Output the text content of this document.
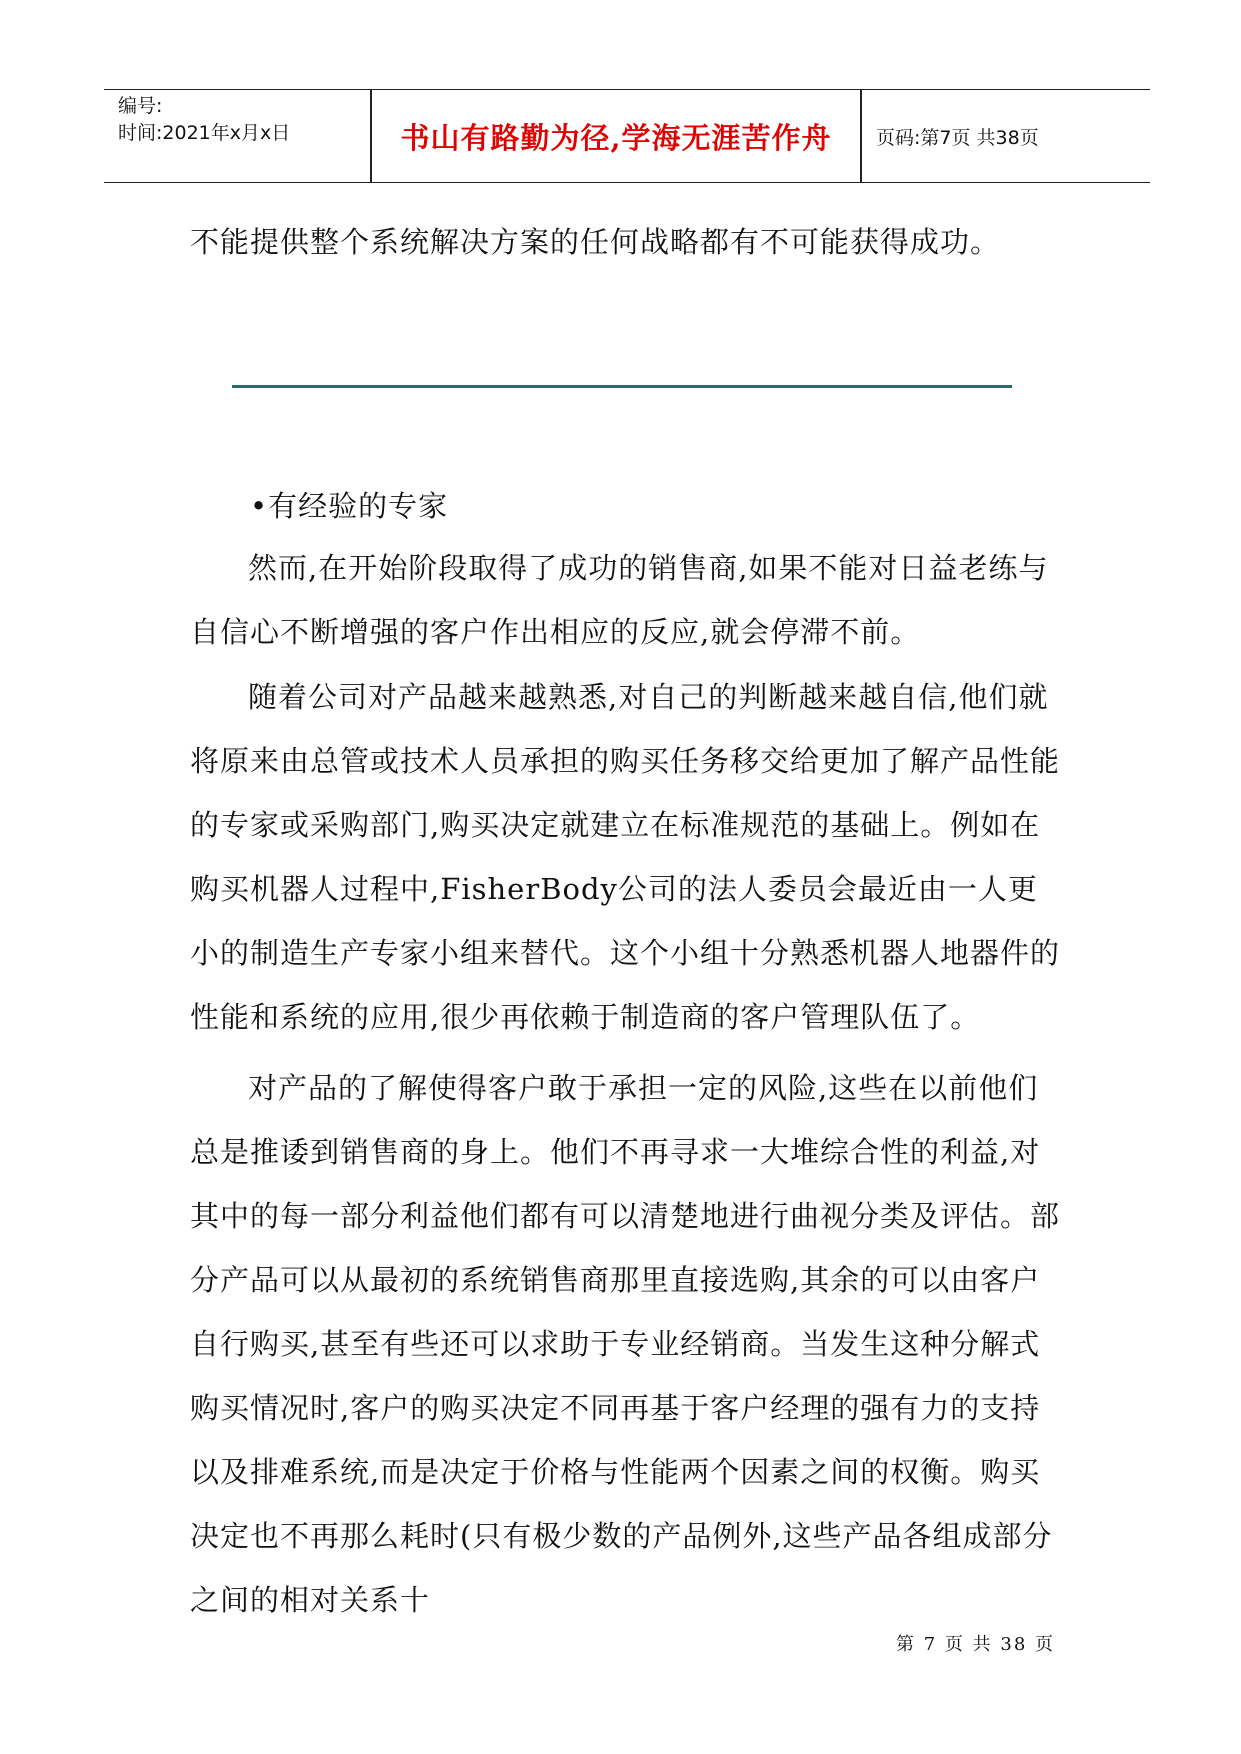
编号:
时间:2021年x月x日	书山有路勤为径,学海无涯苦作舟	页码:第7页 共38页

不能提供整个系统解决方案的任何战略都有不可能获得成功。

•有经验的专家

然而,在开始阶段取得了成功的销售商,如果不能对日益老练与自信心不断增强的客户作出相应的反应,就会停滞不前。

随着公司对产品越来越熟悉,对自己的判断越来越自信,他们就将原来由总管或技术人员承担的购买任务移交给更加了解产品性能的专家或采购部门,购买决定就建立在标准规范的基础上。例如在购买机器人过程中,FisherBody公司的法人委员会最近由一人更小的制造生产专家小组来替代。这个小组十分熟悉机器人地器件的性能和系统的应用,很少再依赖于制造商的客户管理队伍了。

对产品的了解使得客户敢于承担一定的风险,这些在以前他们总是推诿到销售商的身上。他们不再寻求一大堆综合性的利益,对其中的每一部分利益他们都有可以清楚地进行曲视分类及评估。部分产品可以从最初的系统销售商那里直接选购,其余的可以由客户自行购买,甚至有些还可以求助于专业经销商。当发生这种分解式购买情况时,客户的购买决定不同再基于客户经理的强有力的支持以及排难系统,而是决定于价格与性能两个因素之间的权衡。购买决定也不再那么耗时(只有极少数的产品例外,这些产品各组成部分之间的相对关系十

第 7 页 共 38 页
